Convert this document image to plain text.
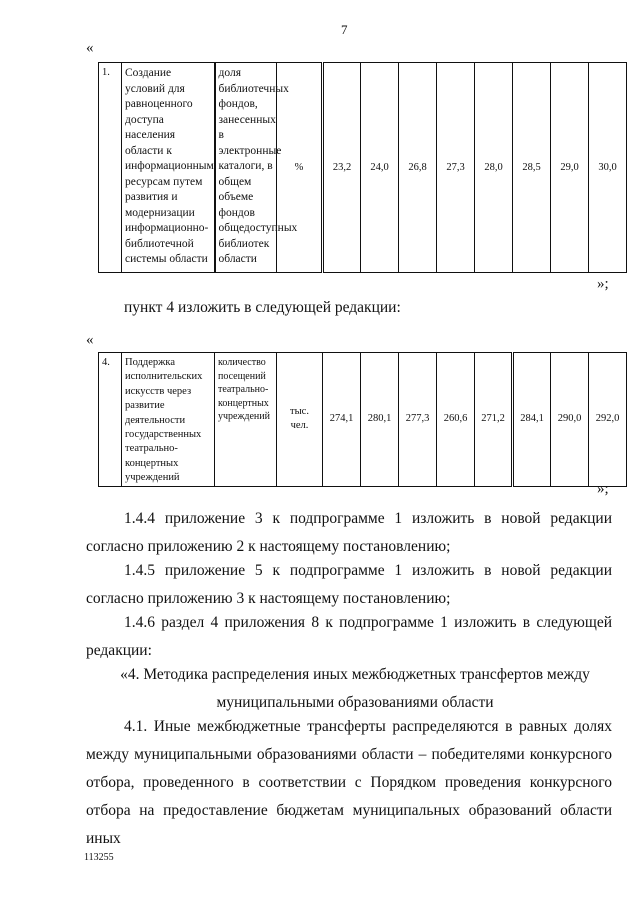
7
«
1.	Создание условий для равноценного доступа населения области к информационным ресурсам путем развития и модернизации информационно-библиотечной системы области	доля библиотечных фондов, занесенных в электронные каталоги, в общем объеме фондов общедоступных библиотек области	%	23,2	24,0	26,8	27,3	28,0	28,5	29,0	30,0
»;
пункт 4 изложить в следующей редакции:
«
4.	Поддержка исполнительских искусств через развитие деятельности государственных театрально-концертных учреждений	количество посещений театрально-концертных учреждений	тыс. чел.	274,1	280,1	277,3	260,6	271,2	284,1	290,0	292,0
»;
1.4.4 приложение 3 к подпрограмме 1 изложить в новой редакции согласно приложению 2 к настоящему постановлению;
1.4.5 приложение 5 к подпрограмме 1 изложить в новой редакции согласно приложению 3 к настоящему постановлению;
1.4.6 раздел 4 приложения 8 к подпрограмме 1 изложить в следующей редакции:
«4. Методика распределения иных межбюджетных трансфертов между муниципальными образованиями области
4.1. Иные межбюджетные трансферты распределяются в равных долях между муниципальными образованиями области – победителями конкурсного отбора, проведенного в соответствии с Порядком проведения конкурсного отбора на предоставление бюджетам муниципальных образований области иных
113255
